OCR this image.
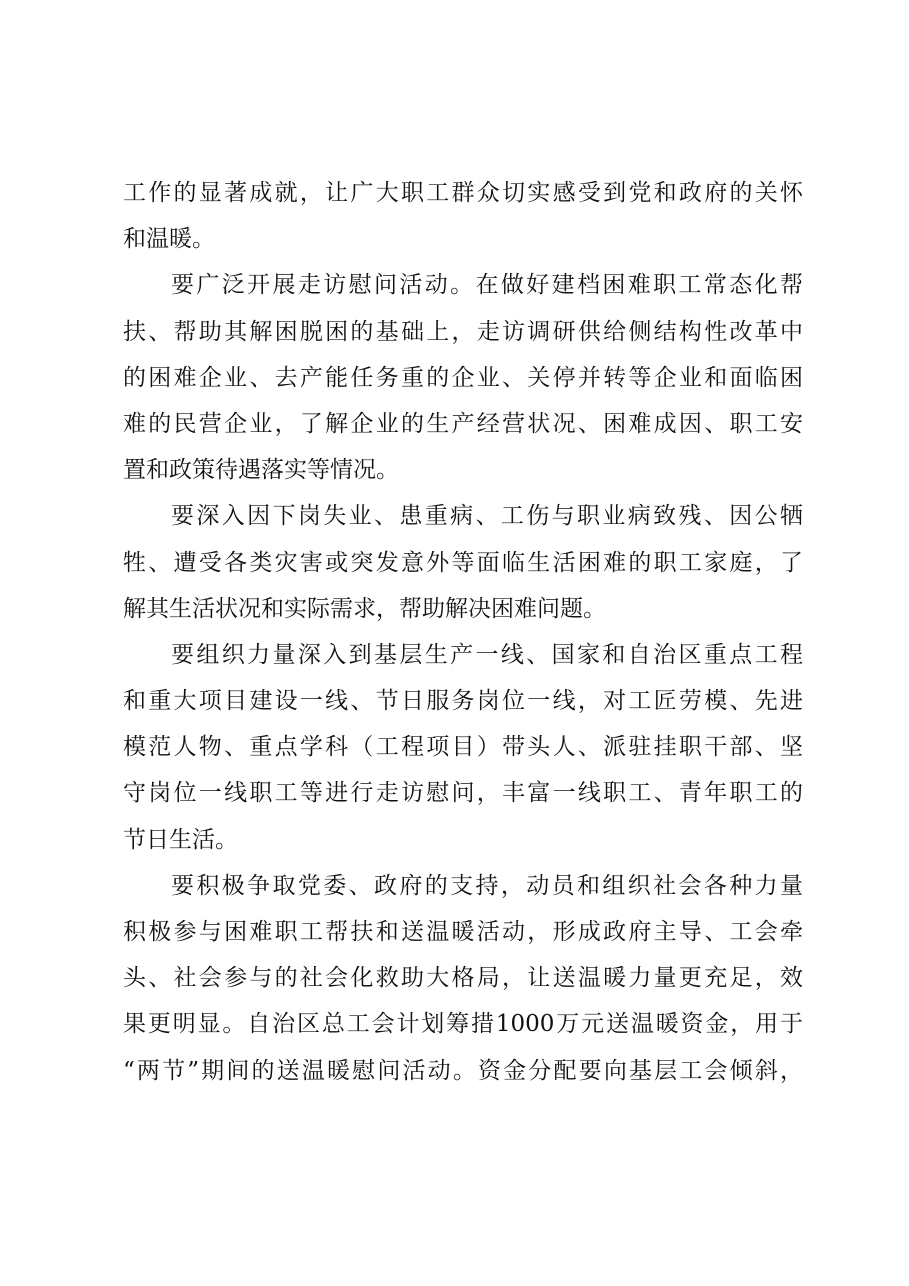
工作的显著成就，让广大职工群众切实感受到党和政府的关怀
和温暖。
要广泛开展走访慰问活动。在做好建档困难职工常态化帮
扶、帮助其解困脱困的基础上，走访调研供给侧结构性改革中
的困难企业、去产能任务重的企业、关停并转等企业和面临困
难的民营企业，了解企业的生产经营状况、困难成因、职工安
置和政策待遇落实等情况。
要深入因下岗失业、患重病、工伤与职业病致残、因公牺
牲、遭受各类灾害或突发意外等面临生活困难的职工家庭，了
解其生活状况和实际需求，帮助解决困难问题。
要组织力量深入到基层生产一线、国家和自治区重点工程
和重大项目建设一线、节日服务岗位一线，对工匠劳模、先进
模范人物、重点学科（工程项目）带头人、派驻挂职干部、坚
守岗位一线职工等进行走访慰问，丰富一线职工、青年职工的
节日生活。
要积极争取党委、政府的支持，动员和组织社会各种力量
积极参与困难职工帮扶和送温暖活动，形成政府主导、工会牵
头、社会参与的社会化救助大格局，让送温暖力量更充足，效
果更明显。自治区总工会计划筹措1000万元送温暖资金，用于
“两节”期间的送温暖慰问活动。资金分配要向基层工会倾斜，
